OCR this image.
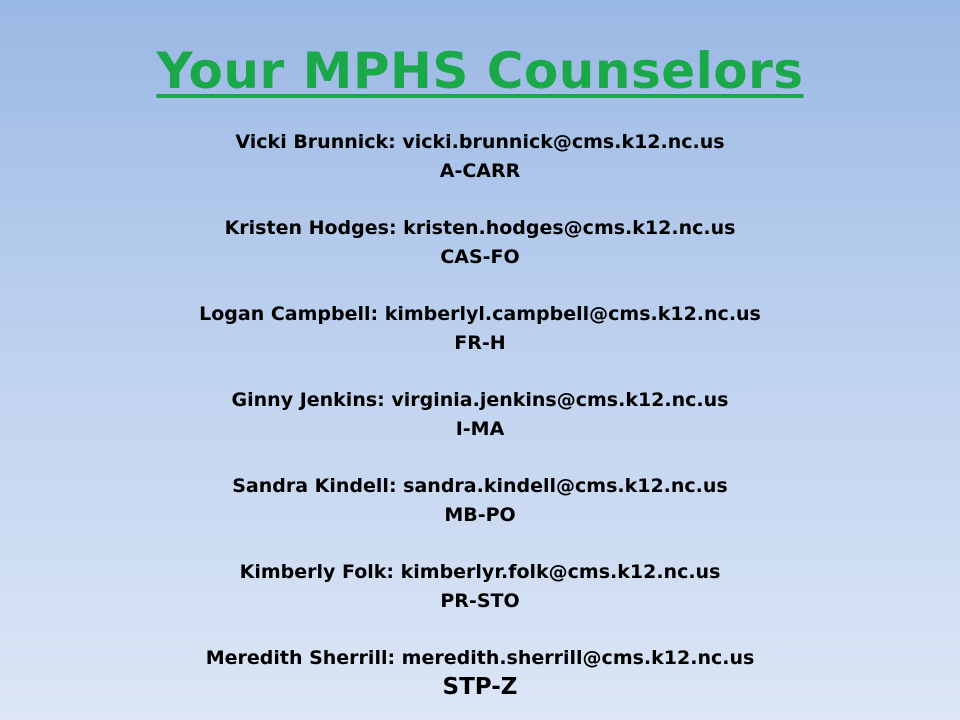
Your MPHS Counselors
Vicki Brunnick: vicki.brunnick@cms.k12.nc.us
A-CARR
Kristen Hodges: kristen.hodges@cms.k12.nc.us
CAS-FO
Logan Campbell: kimberlyl.campbell@cms.k12.nc.us
FR-H
Ginny Jenkins: virginia.jenkins@cms.k12.nc.us
I-MA
Sandra Kindell: sandra.kindell@cms.k12.nc.us
MB-PO
Kimberly Folk: kimberlyr.folk@cms.k12.nc.us
PR-STO
Meredith Sherrill: meredith.sherrill@cms.k12.nc.us
STP-Z
